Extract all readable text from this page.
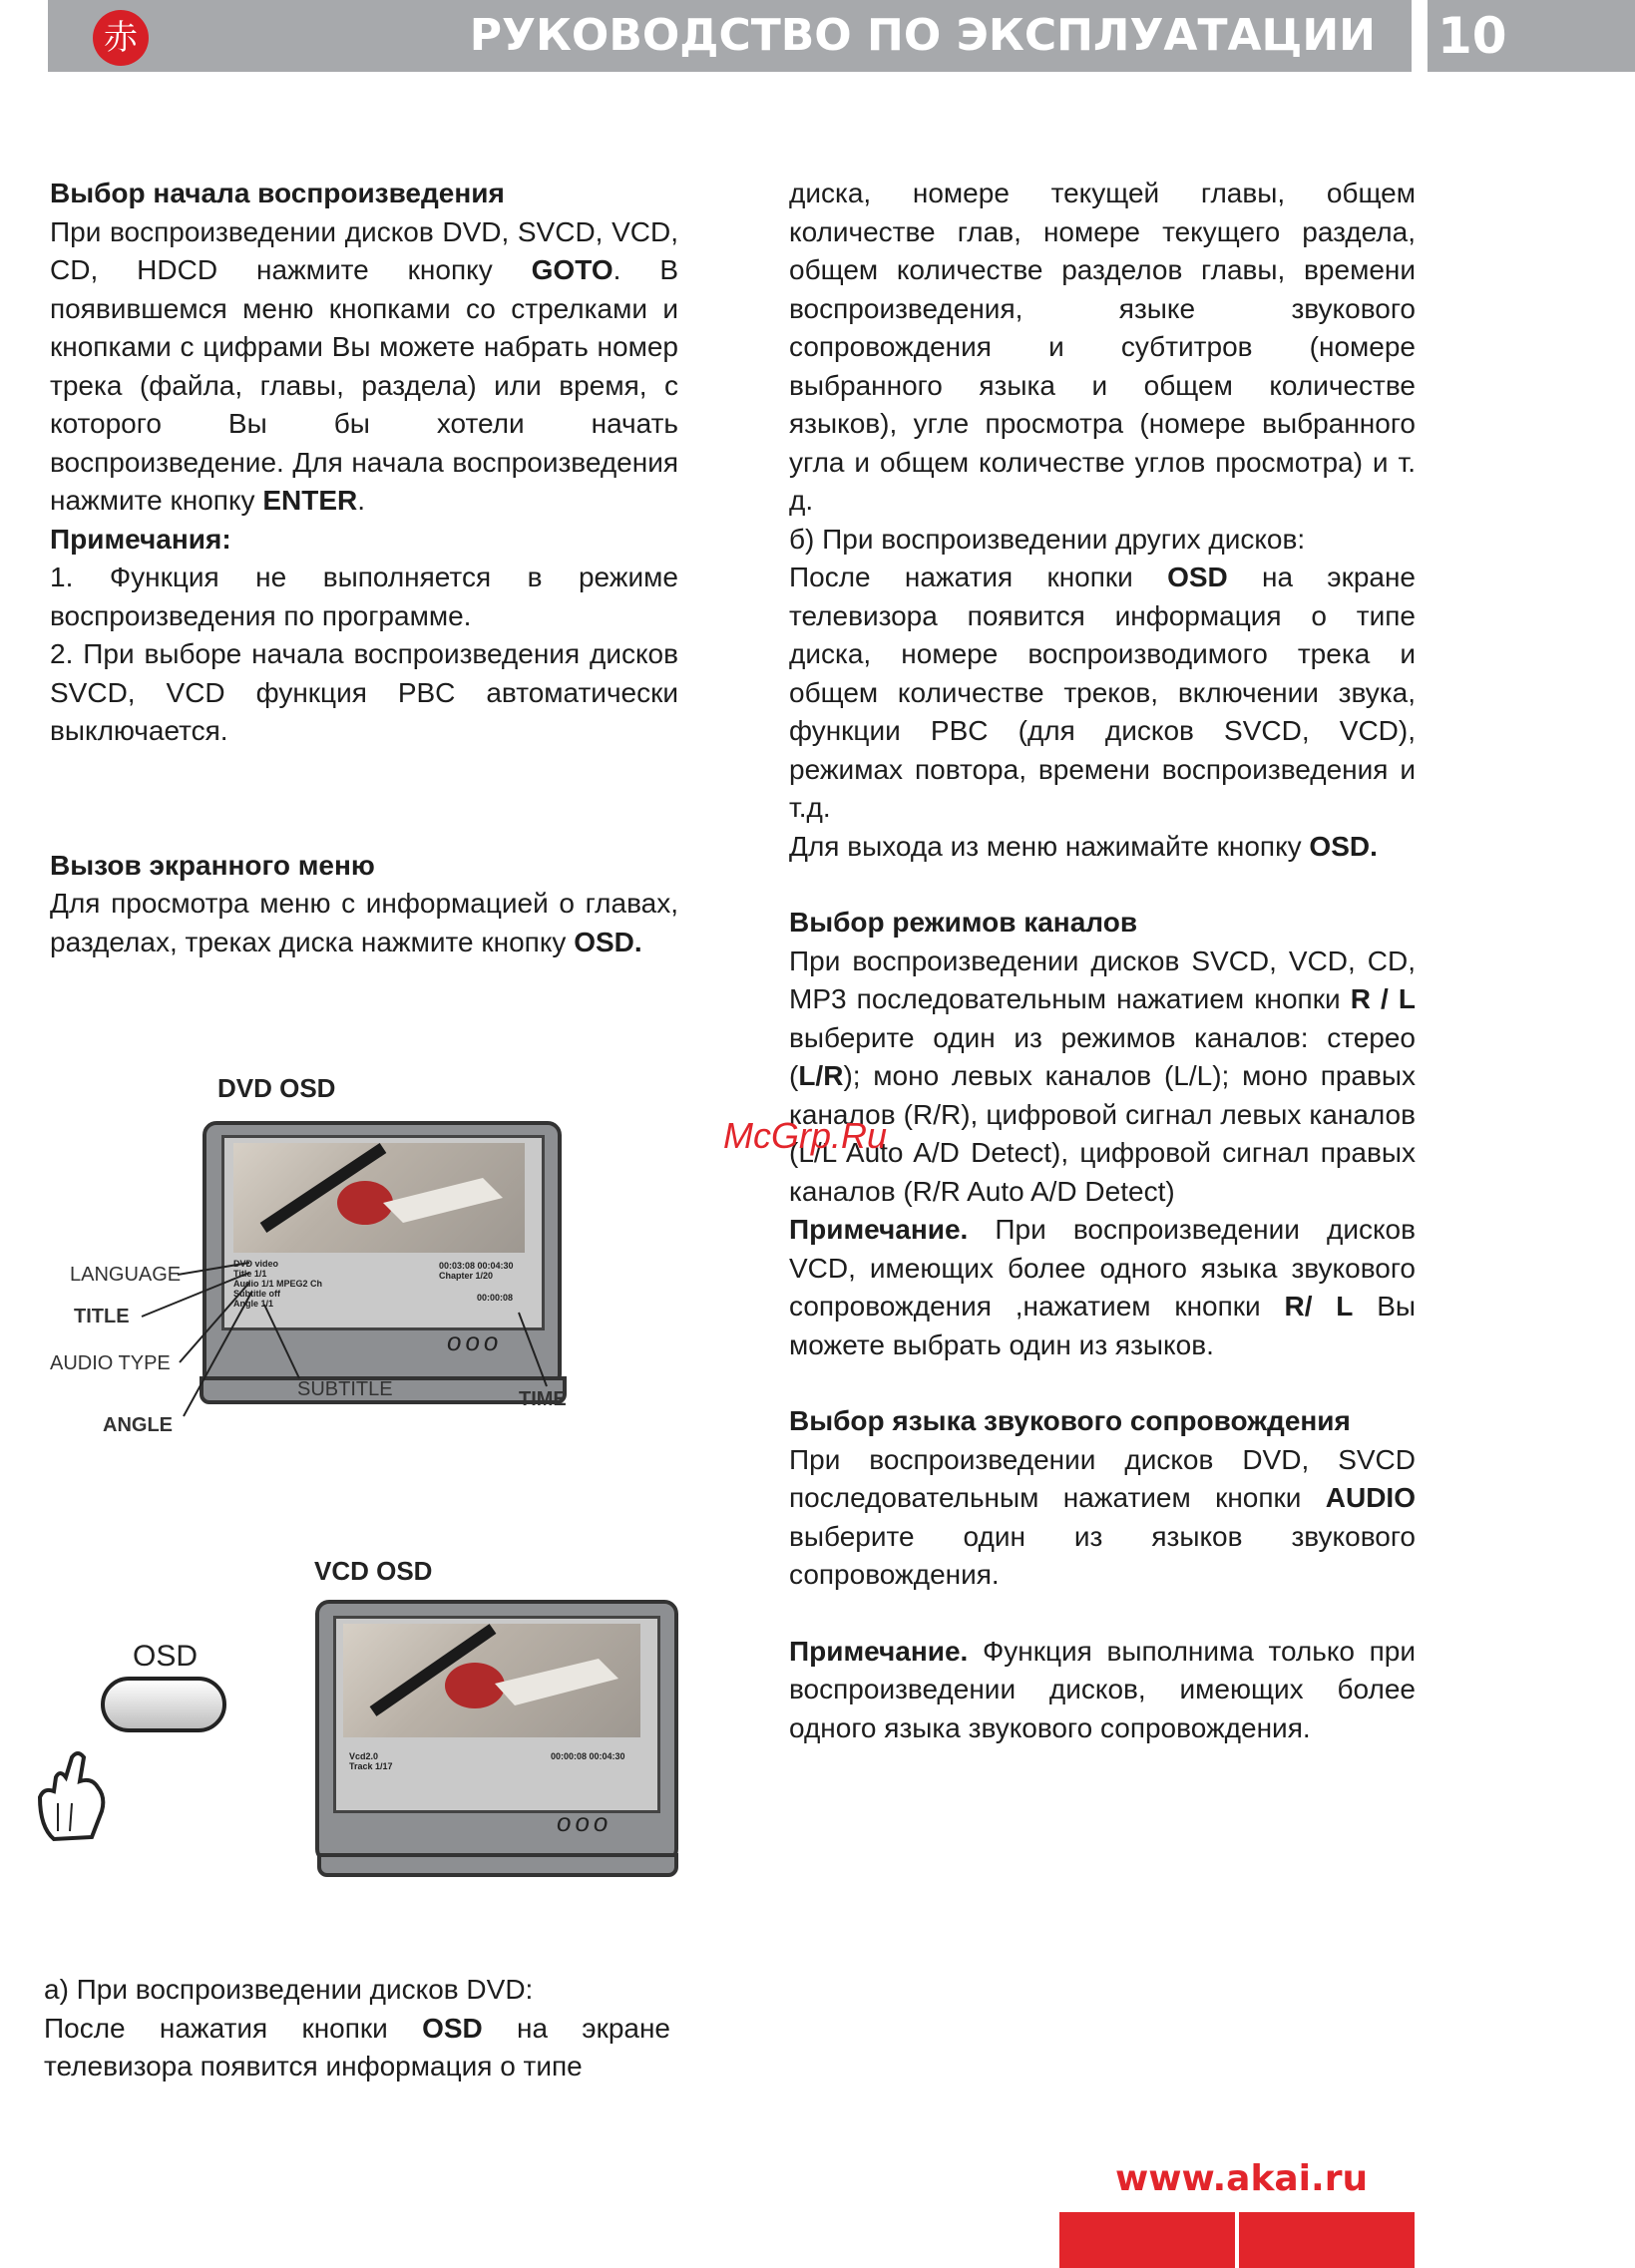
赤	РУКОВОДСТВО ПО ЭКСПЛУАТАЦИИ 10

Выбор начала воспроизведения

При воспроизведении дисков DVD, SVCD, VCD, CD, HDCD нажмите кнопку GOTO. В появившемся меню кнопками со стрелками и кнопками с цифрами Вы можете набрать номер трека (файла, главы, раздела) или время, с которого Вы бы хотели начать воспроизведение. Для начала воспроизведения нажмите кнопку ENTER.

Примечания:

1. Функция не выполняется в режиме воспроизведения по программе.

2. При выборе начала воспроизведения дисков SVCD, VCD функция PBC автоматически выключается.

Вызов экранного меню

Для просмотра меню с информацией о главах, разделах, треках диска нажмите кнопку OSD.

DVD OSD
DVD video
Title 1/1
Audio 1/1 MPEG2 Ch
Subtitle off
Angle 1/1
00:03:08 00:04:30
Chapter 1/20
00:00:08
ooo
LANGUAGE
TITLE
AUDIO TYPE
ANGLE
SUBTITLE	TIME
VCD OSD
OSD
Vcd2.0
Track 1/17
00:00:08 00:04:30
ooo

а) При воспроизведении дисков DVD:

После нажатия кнопки OSD на экране телевизора появится информация о типе

диска, номере текущей главы, общем количестве глав, номере текущего раздела, общем количестве разделов главы, времени воспроизведения, языке звукового сопровождения и субтитров (номере выбранного языка и общем количестве языков), угле просмотра (номере выбранного угла и общем количестве углов просмотра) и т. д.

б) При воспроизведении других дисков:

После нажатия кнопки OSD на экране телевизора появится информация о типе диска, номере воспроизводимого трека и общем количестве треков, включении звука, функции PBC (для дисков SVCD, VCD), режимах повтора, времени воспроизведения и т.д.

Для выхода из меню нажимайте кнопку OSD.

Выбор режимов каналов

При воспроизведении дисков SVCD, VCD, CD, MP3 последовательным нажатием кнопки R / L выберите один из режимов каналов: стерео (L/R); моно левых каналов (L/L); моно правых каналов (R/R), цифровой сигнал левых каналов (L/L Auto A/D Detect), цифровой сигнал правых каналов (R/R Auto A/D Detect)

Примечание. При воспроизведении дисков VCD, имеющих более одного языка звукового сопровождения ,нажатием кнопки R/ L Вы можете выбрать один из языков.

Выбор языка звукового сопровождения

При воспроизведении дисков DVD, SVCD последовательным нажатием кнопки AUDIO выберите один из языков звукового сопровождения.

Примечание. Функция выполнима только при воспроизведении дисков, имеющих более одного языка звукового сопровождения.

McGrp.Ru
www.akai.ru
